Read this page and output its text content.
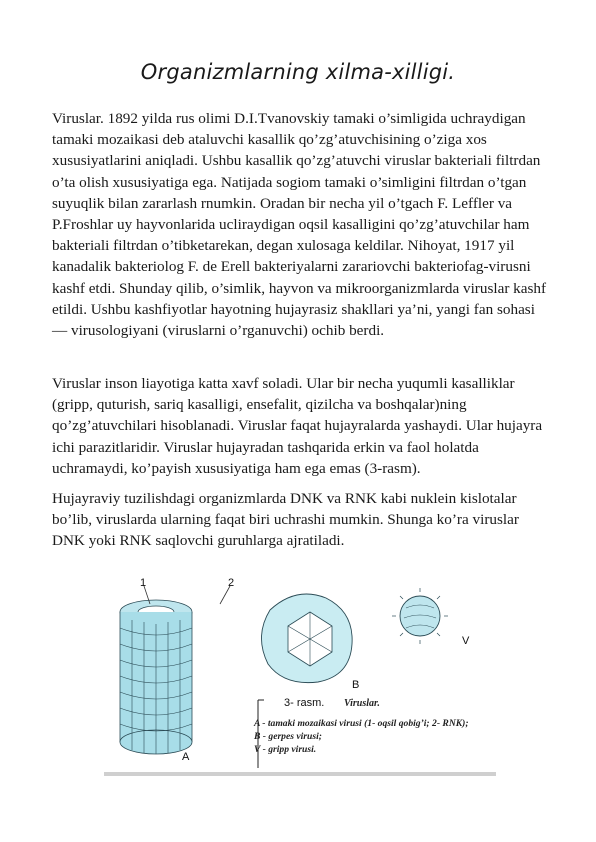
Organizmlarning xilma-xilligi.
Viruslar. 1892 yilda rus olimi D.I.Tvanovskiy tamaki o’simligida uchraydigan tamaki mozaikasi deb ataluvchi kasallik qo’zg’atuvchisining o’ziga xos xususiyatlarini aniqladi. Ushbu kasallik qo’zg’atuvchi viruslar bakteriali filtrdan o’ta olish xususiyatiga ega. Natijada sogiom tamaki o’simligini filtrdan o’tgan suyuqlik bilan zararlash rnumkin. Oradan bir necha yil o’tgach F. Leffler va P.Froshlar uy hayvonlarida ucliraydigan oqsil kasalligini qo’zg’atuvchilar ham bakteriali filtrdan o’tibketarekan, degan xulosaga keldilar. Nihoyat, 1917 yil kanadalik bakteriolog F. de Erell bakteriyalarni zarariovchi bakteriofag-virusni kashf etdi. Shunday qilib, o’simlik, hayvon va mikroorganizmlarda viruslar kashf etildi. Ushbu kashfiyotlar hayotning hujayrasiz shakllari ya’ni, yangi fan sohasi — virusologiyani (viruslarni o’rganuvchi) ochib berdi.
Viruslar inson liayotiga katta xavf soladi. Ular bir necha yuqumli kasalliklar (gripp, quturish, sariq kasalligi, ensefalit, qizilcha va boshqalar)ning qo’zg’atuvchilari hisoblanadi. Viruslar faqat hujayralarda yashaydi. Ular hujayra ichi parazitlaridir. Viruslar hujayradan tashqarida erkin va faol holatda uchramaydi, ko’payish xususiyatiga ham ega emas (3-rasm).
Hujayraviy tuzilishdagi organizmlarda DNK va RNK kabi nuklein kislotalar bo’lib, viruslarda ularning faqat biri uchrashi mumkin. Shunga ko’ra viruslar DNK yoki RNK saqlovchi guruhlarga ajratiladi.
1	2
A
B
V
3- rasm. Viruslar.
A - tamaki mozaikasi virusi (1- oqsil qobig’i; 2- RNK);
B - gerpes virusi;
V - gripp virusi.
